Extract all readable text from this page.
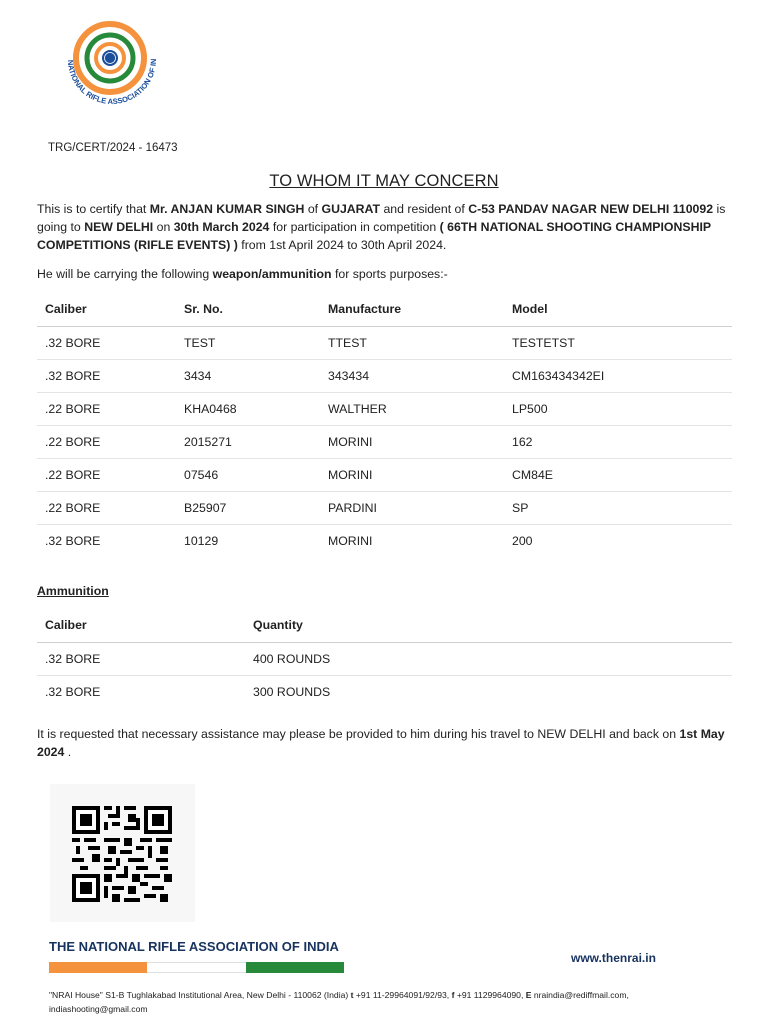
NATIONAL RIFLE ASSOCIATION OF IN
TRG/CERT/2024 - 16473
TO WHOM IT MAY CONCERN
This is to certify that Mr. ANJAN KUMAR SINGH of GUJARAT and resident of C-53 PANDAV NAGAR NEW DELHI 110092 is going to NEW DELHI on 30th March 2024 for participation in competition ( 66TH NATIONAL SHOOTING CHAMPIONSHIP COMPETITIONS (RIFLE EVENTS) ) from 1st April 2024 to 30th April 2024.
He will be carrying the following weapon/ammunition for sports purposes:-
Caliber	Sr. No.	Manufacture	Model
.32 BORE	TEST	TTEST	TESTETST
.32 BORE	3434	343434	CM163434342EI
.22 BORE	KHA0468	WALTHER	LP500
.22 BORE	2015271	MORINI	162
.22 BORE	07546	MORINI	CM84E
.22 BORE	B25907	PARDINI	SP
.32 BORE	10129	MORINI	200
Ammunition
Caliber	Quantity
.32 BORE	400 ROUNDS
.32 BORE	300 ROUNDS
It is requested that necessary assistance may please be provided to him during his travel to NEW DELHI and back on 1st May 2024 .
THE NATIONAL RIFLE ASSOCIATION OF INDIA
www.thenrai.in
"NRAI House" S1-B Tughlakabad Institutional Area, New Delhi - 110062 (India) t +91 11-29964091/92/93, f +91 1129964090, E nraindia@rediffmail.com, indiashooting@gmail.com
